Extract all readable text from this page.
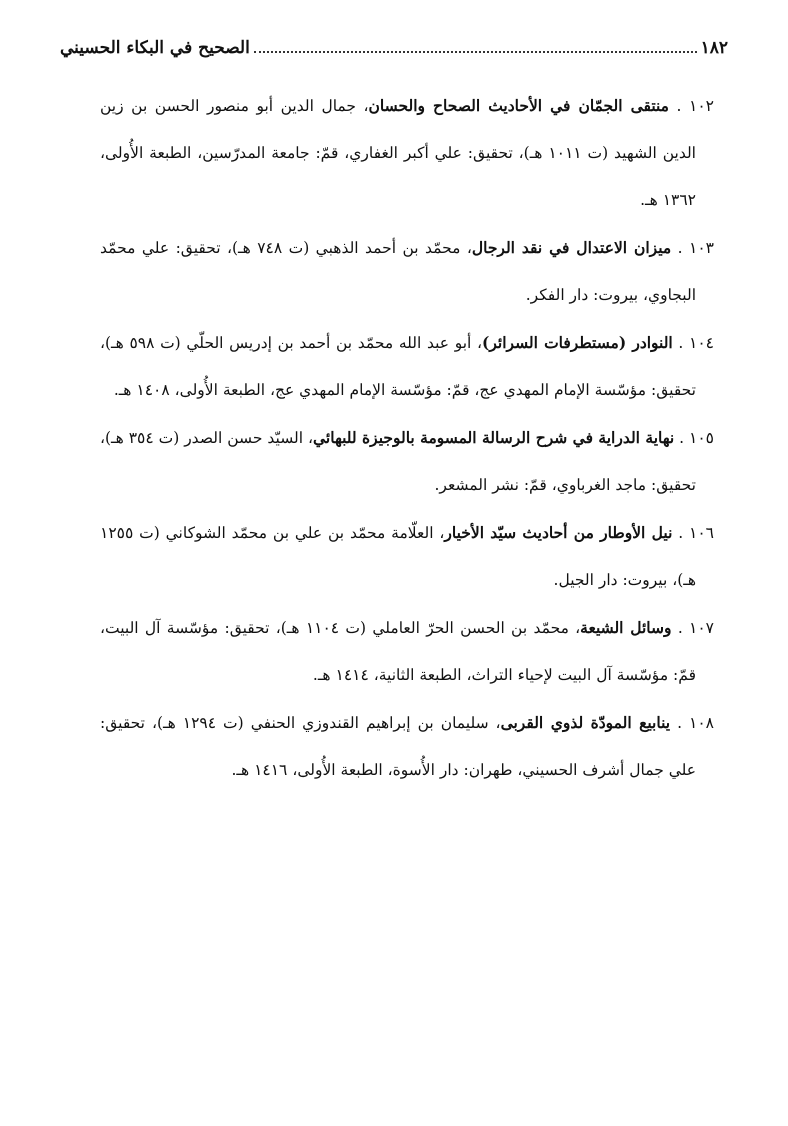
١٨٢
الصحيح في البكاء الحسيني

١٠٢ . منتقى الجمّان في الأحاديث الصحاح والحسان، جمال الدين أبو منصور الحسن بن زين الدين الشهيد (ت ١٠١١ هـ)، تحقيق: علي أكبر الغفاري، قمّ: جامعة المدرّسين، الطبعة الأُولى، ١٣٦٢ هـ.

١٠٣ . ميزان الاعتدال في نقد الرجال، محمّد بن أحمد الذهبي (ت ٧٤٨ هـ)، تحقيق: علي محمّد البجاوي، بيروت: دار الفكر.

١٠٤ . النوادر (مستطرفات السرائر)، أبو عبد الله محمّد بن أحمد بن إدريس الحلّي (ت ٥٩٨ هـ)، تحقيق: مؤسّسة الإمام المهدي عج، قمّ: مؤسّسة الإمام المهدي عج، الطبعة الأُولى، ١٤٠٨ هـ.

١٠٥ . نهاية الدراية في شرح الرسالة المسومة بالوجيزة للبهائي، السيّد حسن الصدر (ت ٣٥٤ هـ)، تحقيق: ماجد الغرباوي، قمّ: نشر المشعر.

١٠٦ . نيل الأوطار من أحاديث سيّد الأخيار، العلّامة محمّد بن علي بن محمّد الشوكاني (ت ١٢٥٥ هـ)، بيروت: دار الجيل.

١٠٧ . وسائل الشيعة، محمّد بن الحسن الحرّ العاملي (ت ١١٠٤ هـ)، تحقيق: مؤسّسة آل البيت، قمّ: مؤسّسة آل البيت لإحياء التراث، الطبعة الثانية، ١٤١٤ هـ.

١٠٨ . ينابيع المودّة لذوي القربى، سليمان بن إبراهيم القندوزي الحنفي (ت ١٢٩٤ هـ)، تحقيق: علي جمال أشرف الحسيني، طهران: دار الأُسوة، الطبعة الأُولى، ١٤١٦ هـ.
